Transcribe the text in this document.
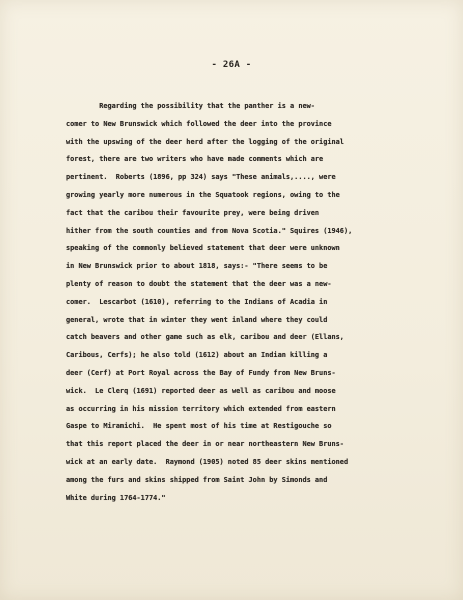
- 26A -
Regarding the possibility that the panther is a new-
comer to New Brunswick which followed the deer into the province
with the upswing of the deer herd after the logging of the original
forest, there are two writers who have made comments which are
pertinent.  Roberts (1896, pp 324) says "These animals,...., were
growing yearly more numerous in the Squatook regions, owing to the
fact that the caribou their favourite prey, were being driven
hither from the south counties and from Nova Scotia." Squires (1946),
speaking of the commonly believed statement that deer were unknown
in New Brunswick prior to about 1818, says:- "There seems to be
plenty of reason to doubt the statement that the deer was a new-
comer.  Lescarbot (1610), referring to the Indians of Acadia in
general, wrote that in winter they went inland where they could
catch beavers and other game such as elk, caribou and deer (Ellans,
Caribous, Cerfs); he also told (1612) about an Indian killing a
deer (Cerf) at Port Royal across the Bay of Fundy from New Bruns-
wick.  Le Clerq (1691) reported deer as well as caribou and moose
as occurring in his mission territory which extended from eastern
Gaspe to Miramichi.  He spent most of his time at Restigouche so
that this report placed the deer in or near northeastern New Bruns-
wick at an early date.  Raymond (1905) noted 85 deer skins mentioned
among the furs and skins shipped from Saint John by Simonds and
White during 1764-1774."
